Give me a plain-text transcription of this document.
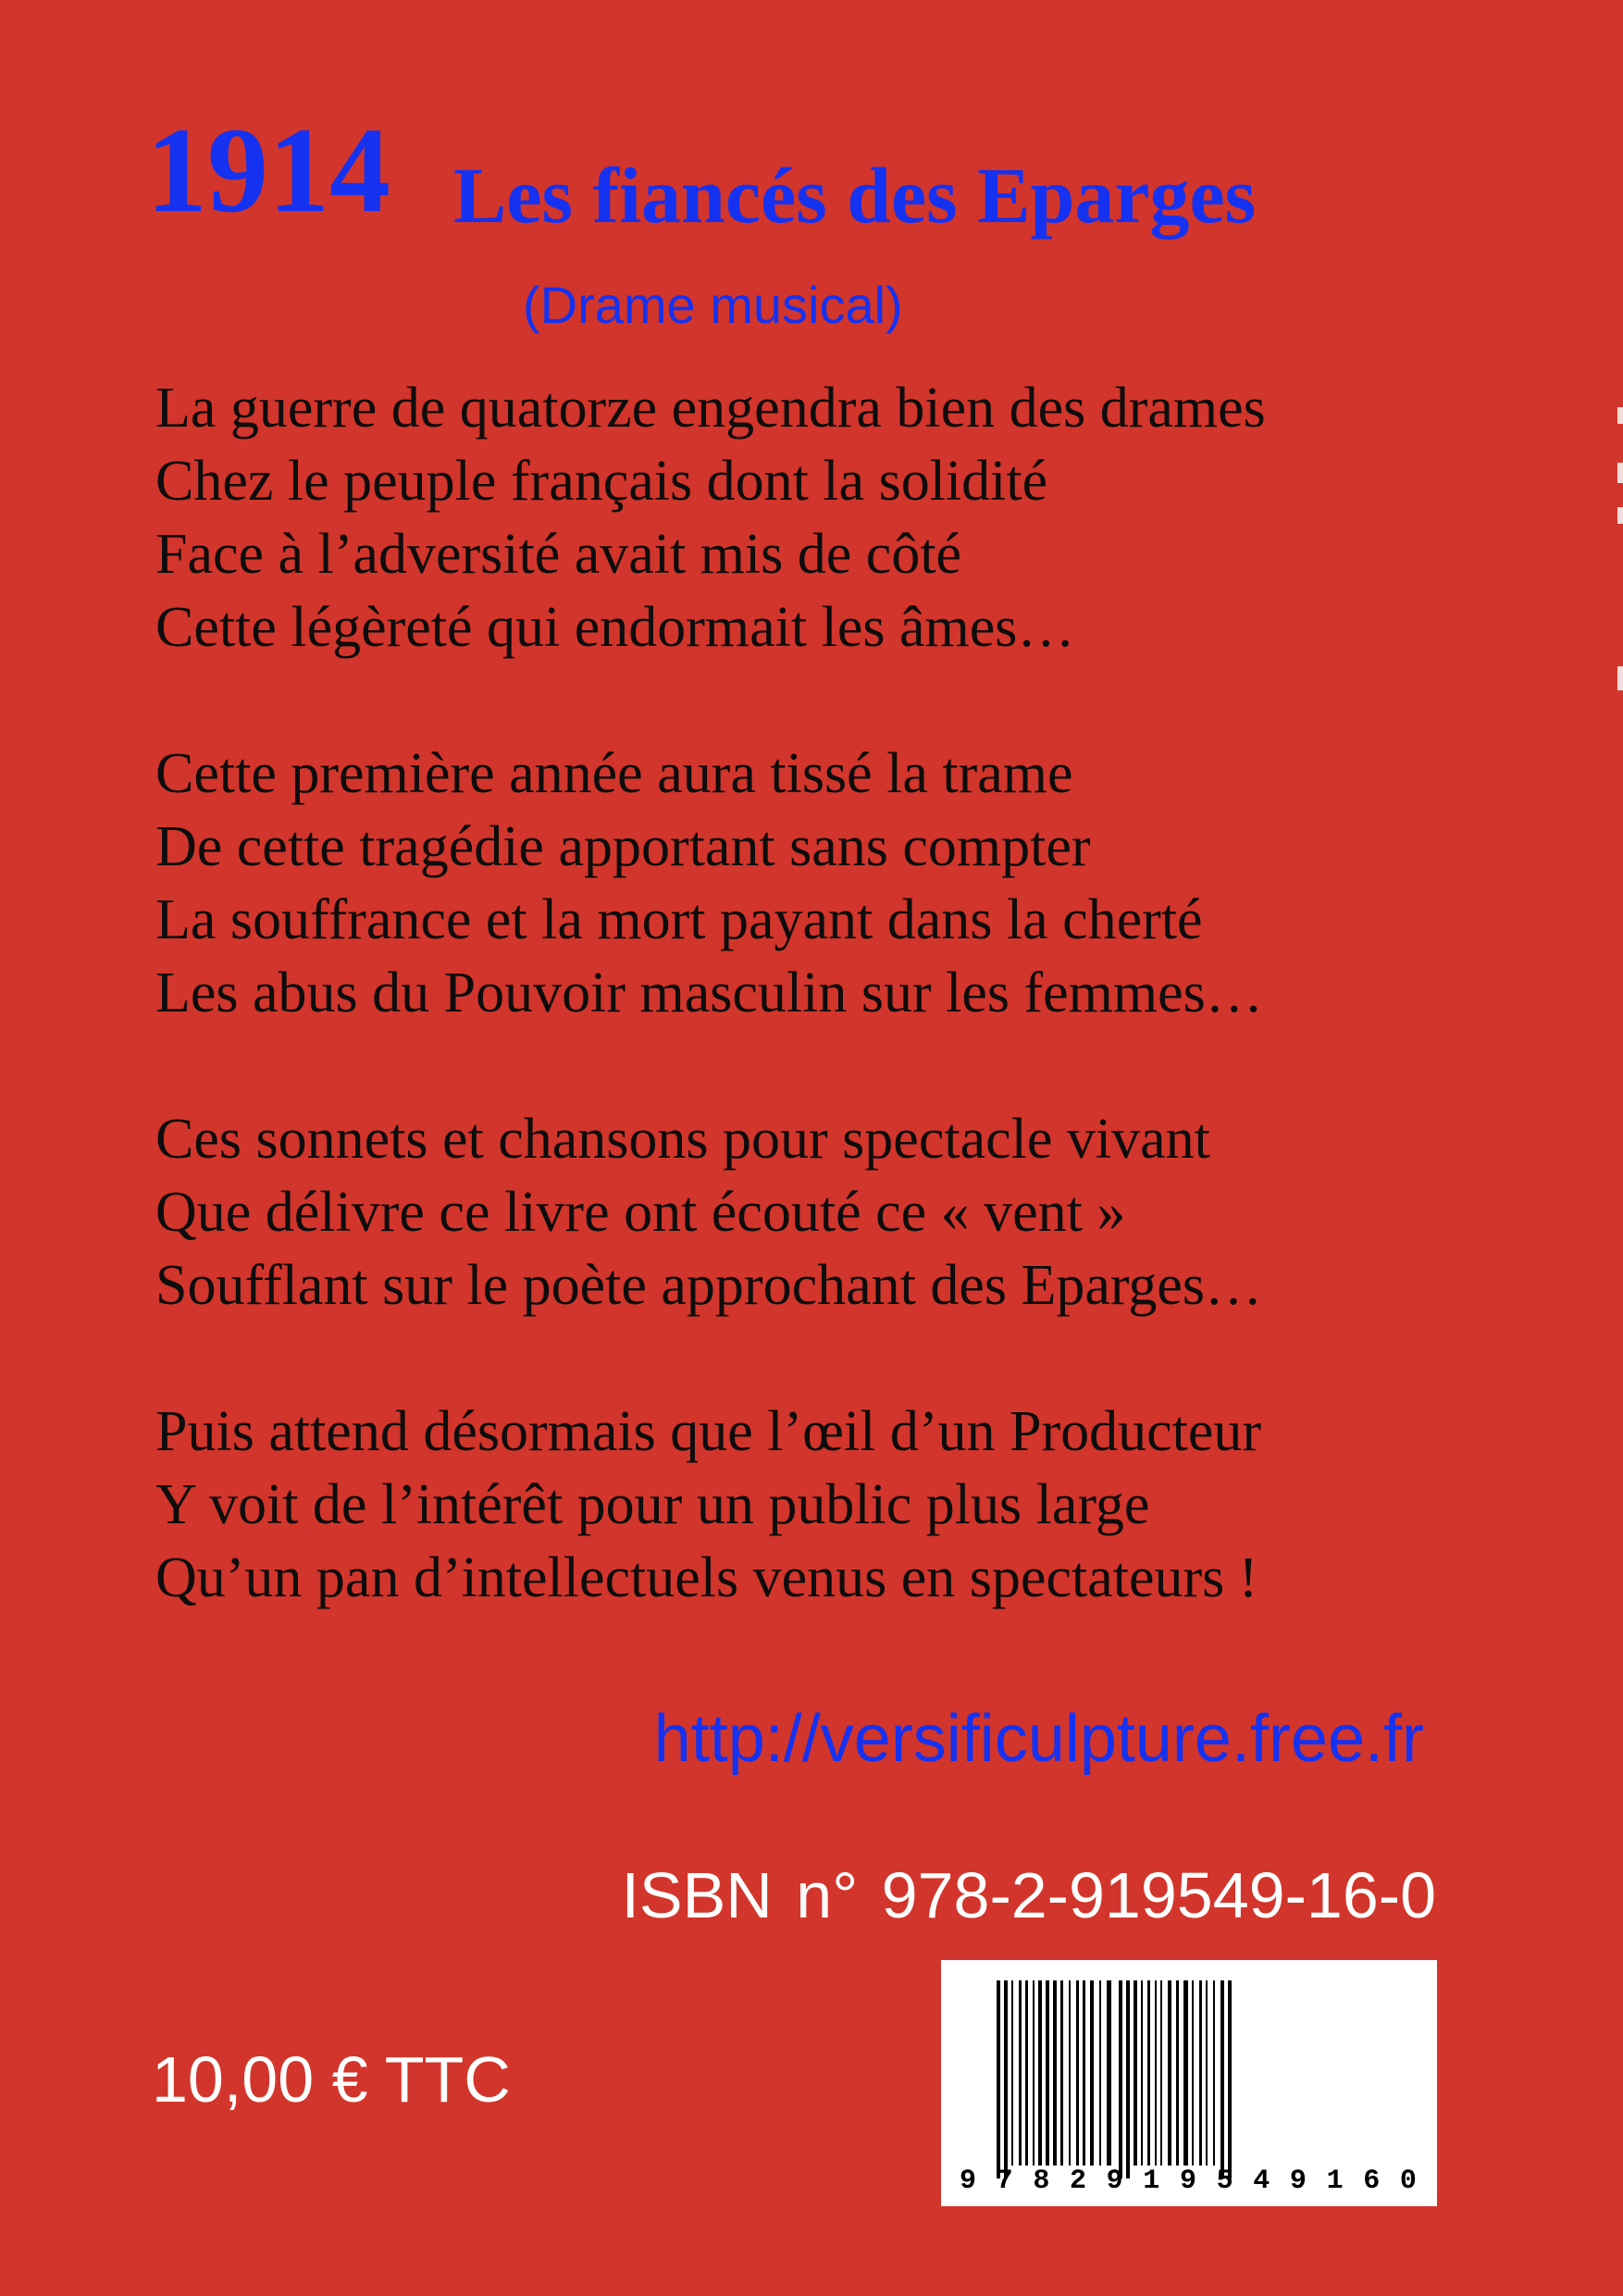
1914 Les fiancés des Eparges
(Drame musical)
La guerre de quatorze engendra bien des drames
Chez le peuple français dont la solidité
Face à l’adversité avait mis de côté
Cette légèreté qui endormait les âmes…
Cette première année aura tissé la trame
De cette tragédie apportant sans compter
La souffrance et la mort payant dans la cherté
Les abus du Pouvoir masculin sur les femmes…
Ces sonnets et chansons pour spectacle vivant
Que délivre ce livre ont écouté ce « vent »
Soufflant sur le poète approchant des Eparges…
Puis attend désormais que l’œil d’un Producteur
Y voit de l’intérêt pour un public plus large
Qu’un pan d’intellectuels venus en spectateurs !
http://versificulpture.free.fr
ISBN n° 978-2-919549-16-0
10,00 € TTC
9 7 8 2 9 1 9 5 4 9 1 6 0
